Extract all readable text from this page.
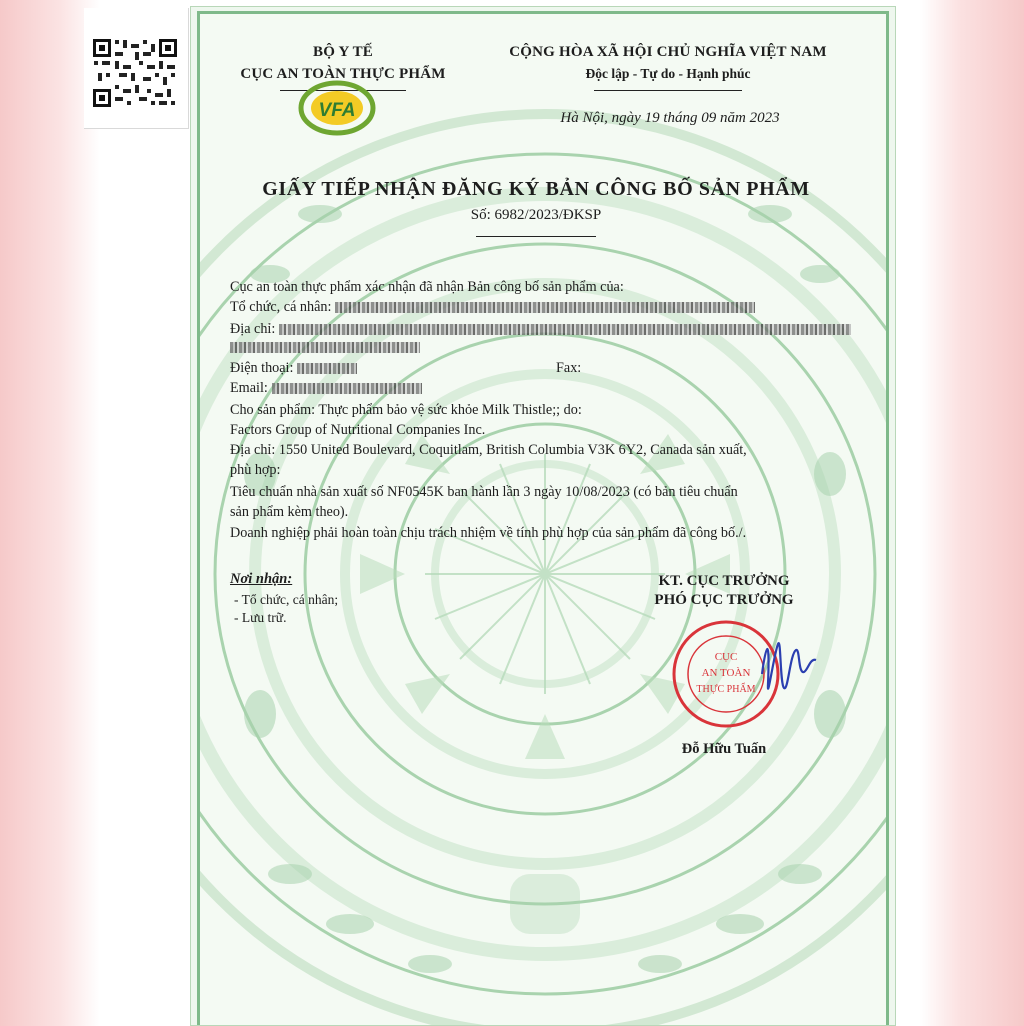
BỘ Y TẾ
CỤC AN TOÀN THỰC PHẨM
VFA
CỘNG HÒA XÃ HỘI CHỦ NGHĨA VIỆT NAM
Độc lập - Tự do - Hạnh phúc
Hà Nội, ngày 19 tháng 09 năm 2023
GIẤY TIẾP NHẬN ĐĂNG KÝ BẢN CÔNG BỐ SẢN PHẨM
Số: 6982/2023/ĐKSP
Cục an toàn thực phẩm xác nhận đã nhận Bản công bố sản phẩm của:
Tổ chức, cá nhân:
Địa chỉ:
Điện thoại:	Fax:
Email:
Cho sản phẩm: Thực phẩm bảo vệ sức khỏe Milk Thistle;; do:
Factors Group of Nutritional Companies Inc.
Địa chỉ: 1550 United Boulevard, Coquitlam, British Columbia V3K 6Y2, Canada sản xuất,
phù hợp:
Tiêu chuẩn nhà sản xuất số NF0545K ban hành lần 3 ngày 10/08/2023 (có bản tiêu chuẩn
sản phẩm kèm theo).
Doanh nghiệp phải hoàn toàn chịu trách nhiệm về tính phù hợp của sản phẩm đã công bố./.
Nơi nhận:
- Tổ chức, cá nhân;
- Lưu trữ.
KT. CỤC TRƯỞNG
PHÓ CỤC TRƯỞNG
CỤC
AN TOÀN
THỰC PHẨM
Đỗ Hữu Tuấn
